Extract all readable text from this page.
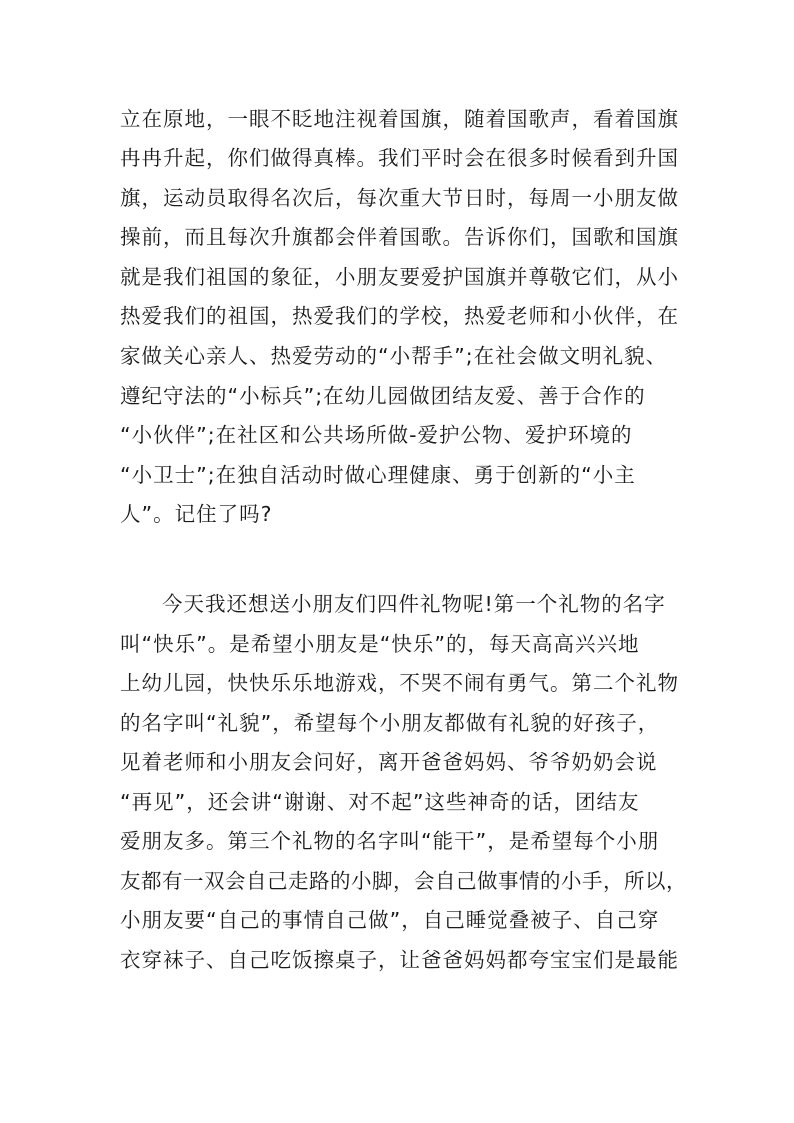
立在原地，一眼不眨地注视着国旗，随着国歌声，看着国旗
冉冉升起，你们做得真棒。我们平时会在很多时候看到升国
旗，运动员取得名次后，每次重大节日时，每周一小朋友做
操前，而且每次升旗都会伴着国歌。告诉你们，国歌和国旗
就是我们祖国的象征，小朋友要爱护国旗并尊敬它们，从小
热爱我们的祖国，热爱我们的学校，热爱老师和小伙伴，在
家做关心亲人、热爱劳动的“小帮手”;在社会做文明礼貌、
遵纪守法的“小标兵”;在幼儿园做团结友爱、善于合作的
“小伙伴”;在社区和公共场所做-爱护公物、爱护环境的
“小卫士”;在独自活动时做心理健康、勇于创新的“小主
人”。记住了吗?
今天我还想送小朋友们四件礼物呢!第一个礼物的名字
叫“快乐”。是希望小朋友是“快乐”的，每天高高兴兴地
上幼儿园，快快乐乐地游戏，不哭不闹有勇气。第二个礼物
的名字叫“礼貌”，希望每个小朋友都做有礼貌的好孩子，
见着老师和小朋友会问好，离开爸爸妈妈、爷爷奶奶会说
“再见”，还会讲“谢谢、对不起”这些神奇的话，团结友
爱朋友多。第三个礼物的名字叫“能干”，是希望每个小朋
友都有一双会自己走路的小脚，会自己做事情的小手，所以，
小朋友要“自己的事情自己做”，自己睡觉叠被子、自己穿
衣穿袜子、自己吃饭擦桌子，让爸爸妈妈都夸宝宝们是最能
